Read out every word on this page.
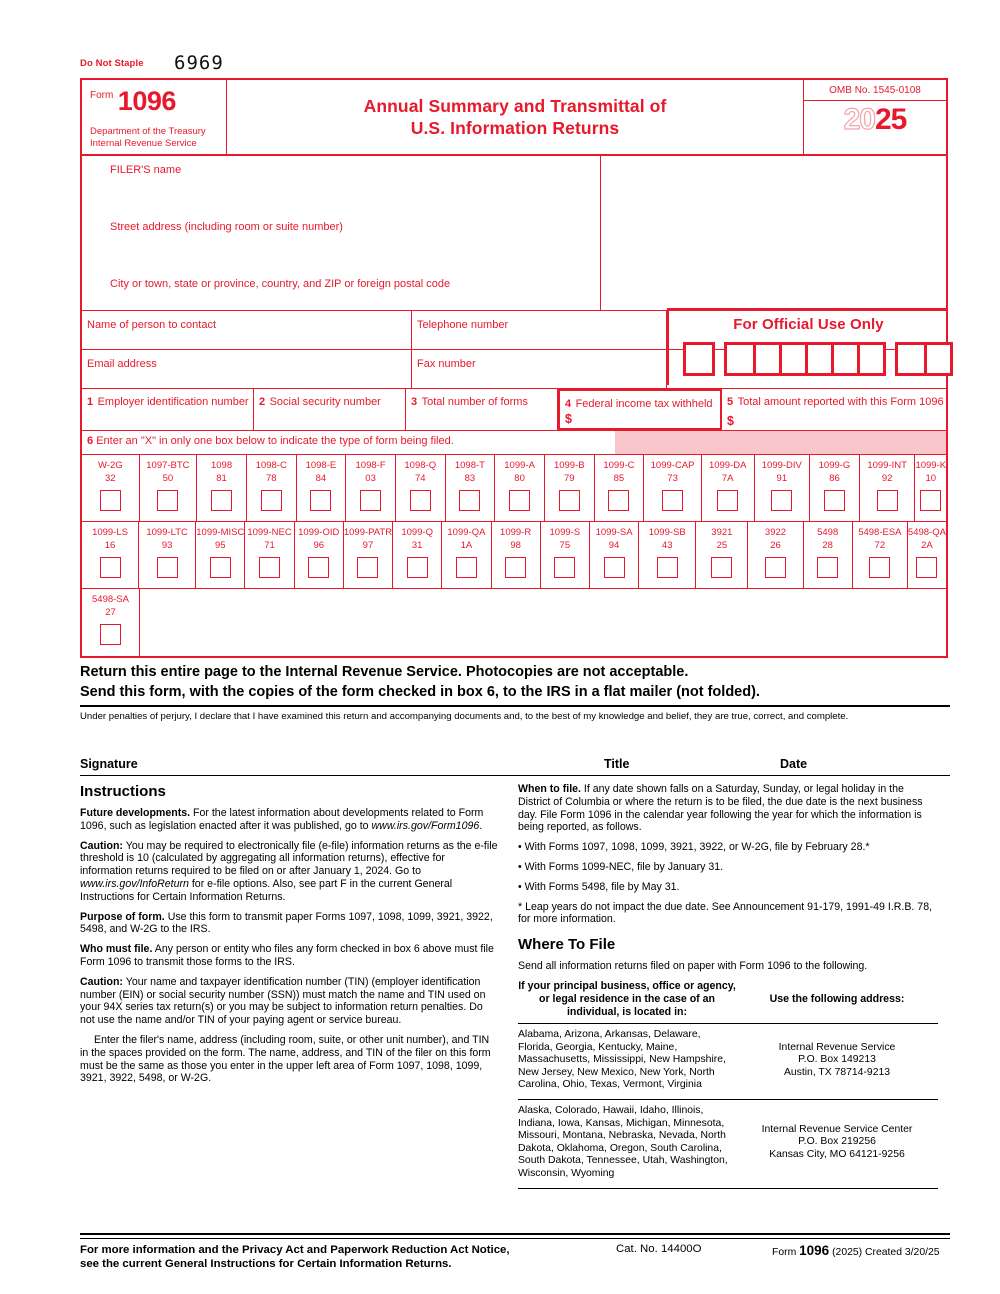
Do Not Staple 6969
Form 1096
Department of the Treasury
Internal Revenue Service
Annual Summary and Transmittal of
U.S. Information Returns
OMB No. 1545-0108
2025
FILER'S name
Street address (including room or suite number)
City or town, state or province, country, and ZIP or foreign postal code
Name of person to contact	Telephone number
Email address	Fax number
For Official Use Only
1 Employer identification number 2 Social security number	3 Total number of forms	4 Federal income tax withheld
$
5 Total amount reported with this Form 1096
$
6 Enter an "X" in only one box below to indicate the type of form being filed.
W-2G
32
1097-BTC
50
1098
81
1098-C
78
1098-E
84
1098-F
03
1098-Q
74
1098-T
83
1099-A
80
1099-B
79
1099-C
85
1099-CAP
73
1099-DA
7A
1099-DIV
91
1099-G
86
1099-INT
92
1099-K
10
1099-LS
16
1099-LTC
93
1099-MISC
95
1099-NEC
71
1099-OID
96
1099-PATR
97
1099-Q
31
1099-QA
1A
1099-R
98
1099-S
75
1099-SA
94
1099-SB
43
3921
25
3922
26
5498
28
5498-ESA
72
5498-QA
2A
5498-SA
27
Return this entire page to the Internal Revenue Service. Photocopies are not acceptable.
Send this form, with the copies of the form checked in box 6, to the IRS in a flat mailer (not folded).
Under penalties of perjury, I declare that I have examined this return and accompanying documents and, to the best of my knowledge and belief, they are true, correct, and complete.
Signature	Title	Date
Instructions

Future developments. For the latest information about developments related to Form 1096, such as legislation enacted after it was published, go to www.irs.gov/Form1096.

Caution: You may be required to electronically file (e-file) information returns as the e-file threshold is 10 (calculated by aggregating all information returns), effective for information returns required to be filed on or after January 1, 2024. Go to www.irs.gov/InfoReturn for e-file options. Also, see part F in the current General Instructions for Certain Information Returns.

Purpose of form. Use this form to transmit paper Forms 1097, 1098, 1099, 3921, 3922, 5498, and W-2G to the IRS.

Who must file. Any person or entity who files any form checked in box 6 above must file Form 1096 to transmit those forms to the IRS.

Caution: Your name and taxpayer identification number (TIN) (employer identification number (EIN) or social security number (SSN)) must match the name and TIN used on your 94X series tax return(s) or you may be subject to information return penalties. Do not use the name and/or TIN of your paying agent or service bureau.

Enter the filer's name, address (including room, suite, or other unit number), and TIN in the spaces provided on the form. The name, address, and TIN of the filer on this form must be the same as those you enter in the upper left area of Form 1097, 1098, 1099, 3921, 3922, 5498, or W-2G.

When to file. If any date shown falls on a Saturday, Sunday, or legal holiday in the District of Columbia or where the return is to be filed, the due date is the next business day. File Form 1096 in the calendar year following the year for which the information is being reported, as follows.

• With Forms 1097, 1098, 1099, 3921, 3922, or W-2G, file by February 28.*

• With Forms 1099-NEC, file by January 31.

• With Forms 5498, file by May 31.

* Leap years do not impact the due date. See Announcement 91-179, 1991-49 I.R.B. 78, for more information.

Where To File

Send all information returns filed on paper with Form 1096 to the following.

If your principal business, office or agency, or legal residence in the case of an individual, is located in:
Use the following address:
Alabama, Arizona, Arkansas, Delaware, Florida, Georgia, Kentucky, Maine, Massachusetts, Mississippi, New Hampshire, New Jersey, New Mexico, New York, North Carolina, Ohio, Texas, Vermont, Virginia
Internal Revenue Service
P.O. Box 149213
Austin, TX 78714-9213
Alaska, Colorado, Hawaii, Idaho, Illinois, Indiana, Iowa, Kansas, Michigan, Minnesota, Missouri, Montana, Nebraska, Nevada, North Dakota, Oklahoma, Oregon, South Carolina, South Dakota, Tennessee, Utah, Washington, Wisconsin, Wyoming
Internal Revenue Service Center
P.O. Box 219256
Kansas City, MO 64121-9256
For more information and the Privacy Act and Paperwork Reduction Act Notice,
see the current General Instructions for Certain Information Returns.
Cat. No. 14400O	Form 1096 (2025) Created 3/20/25
